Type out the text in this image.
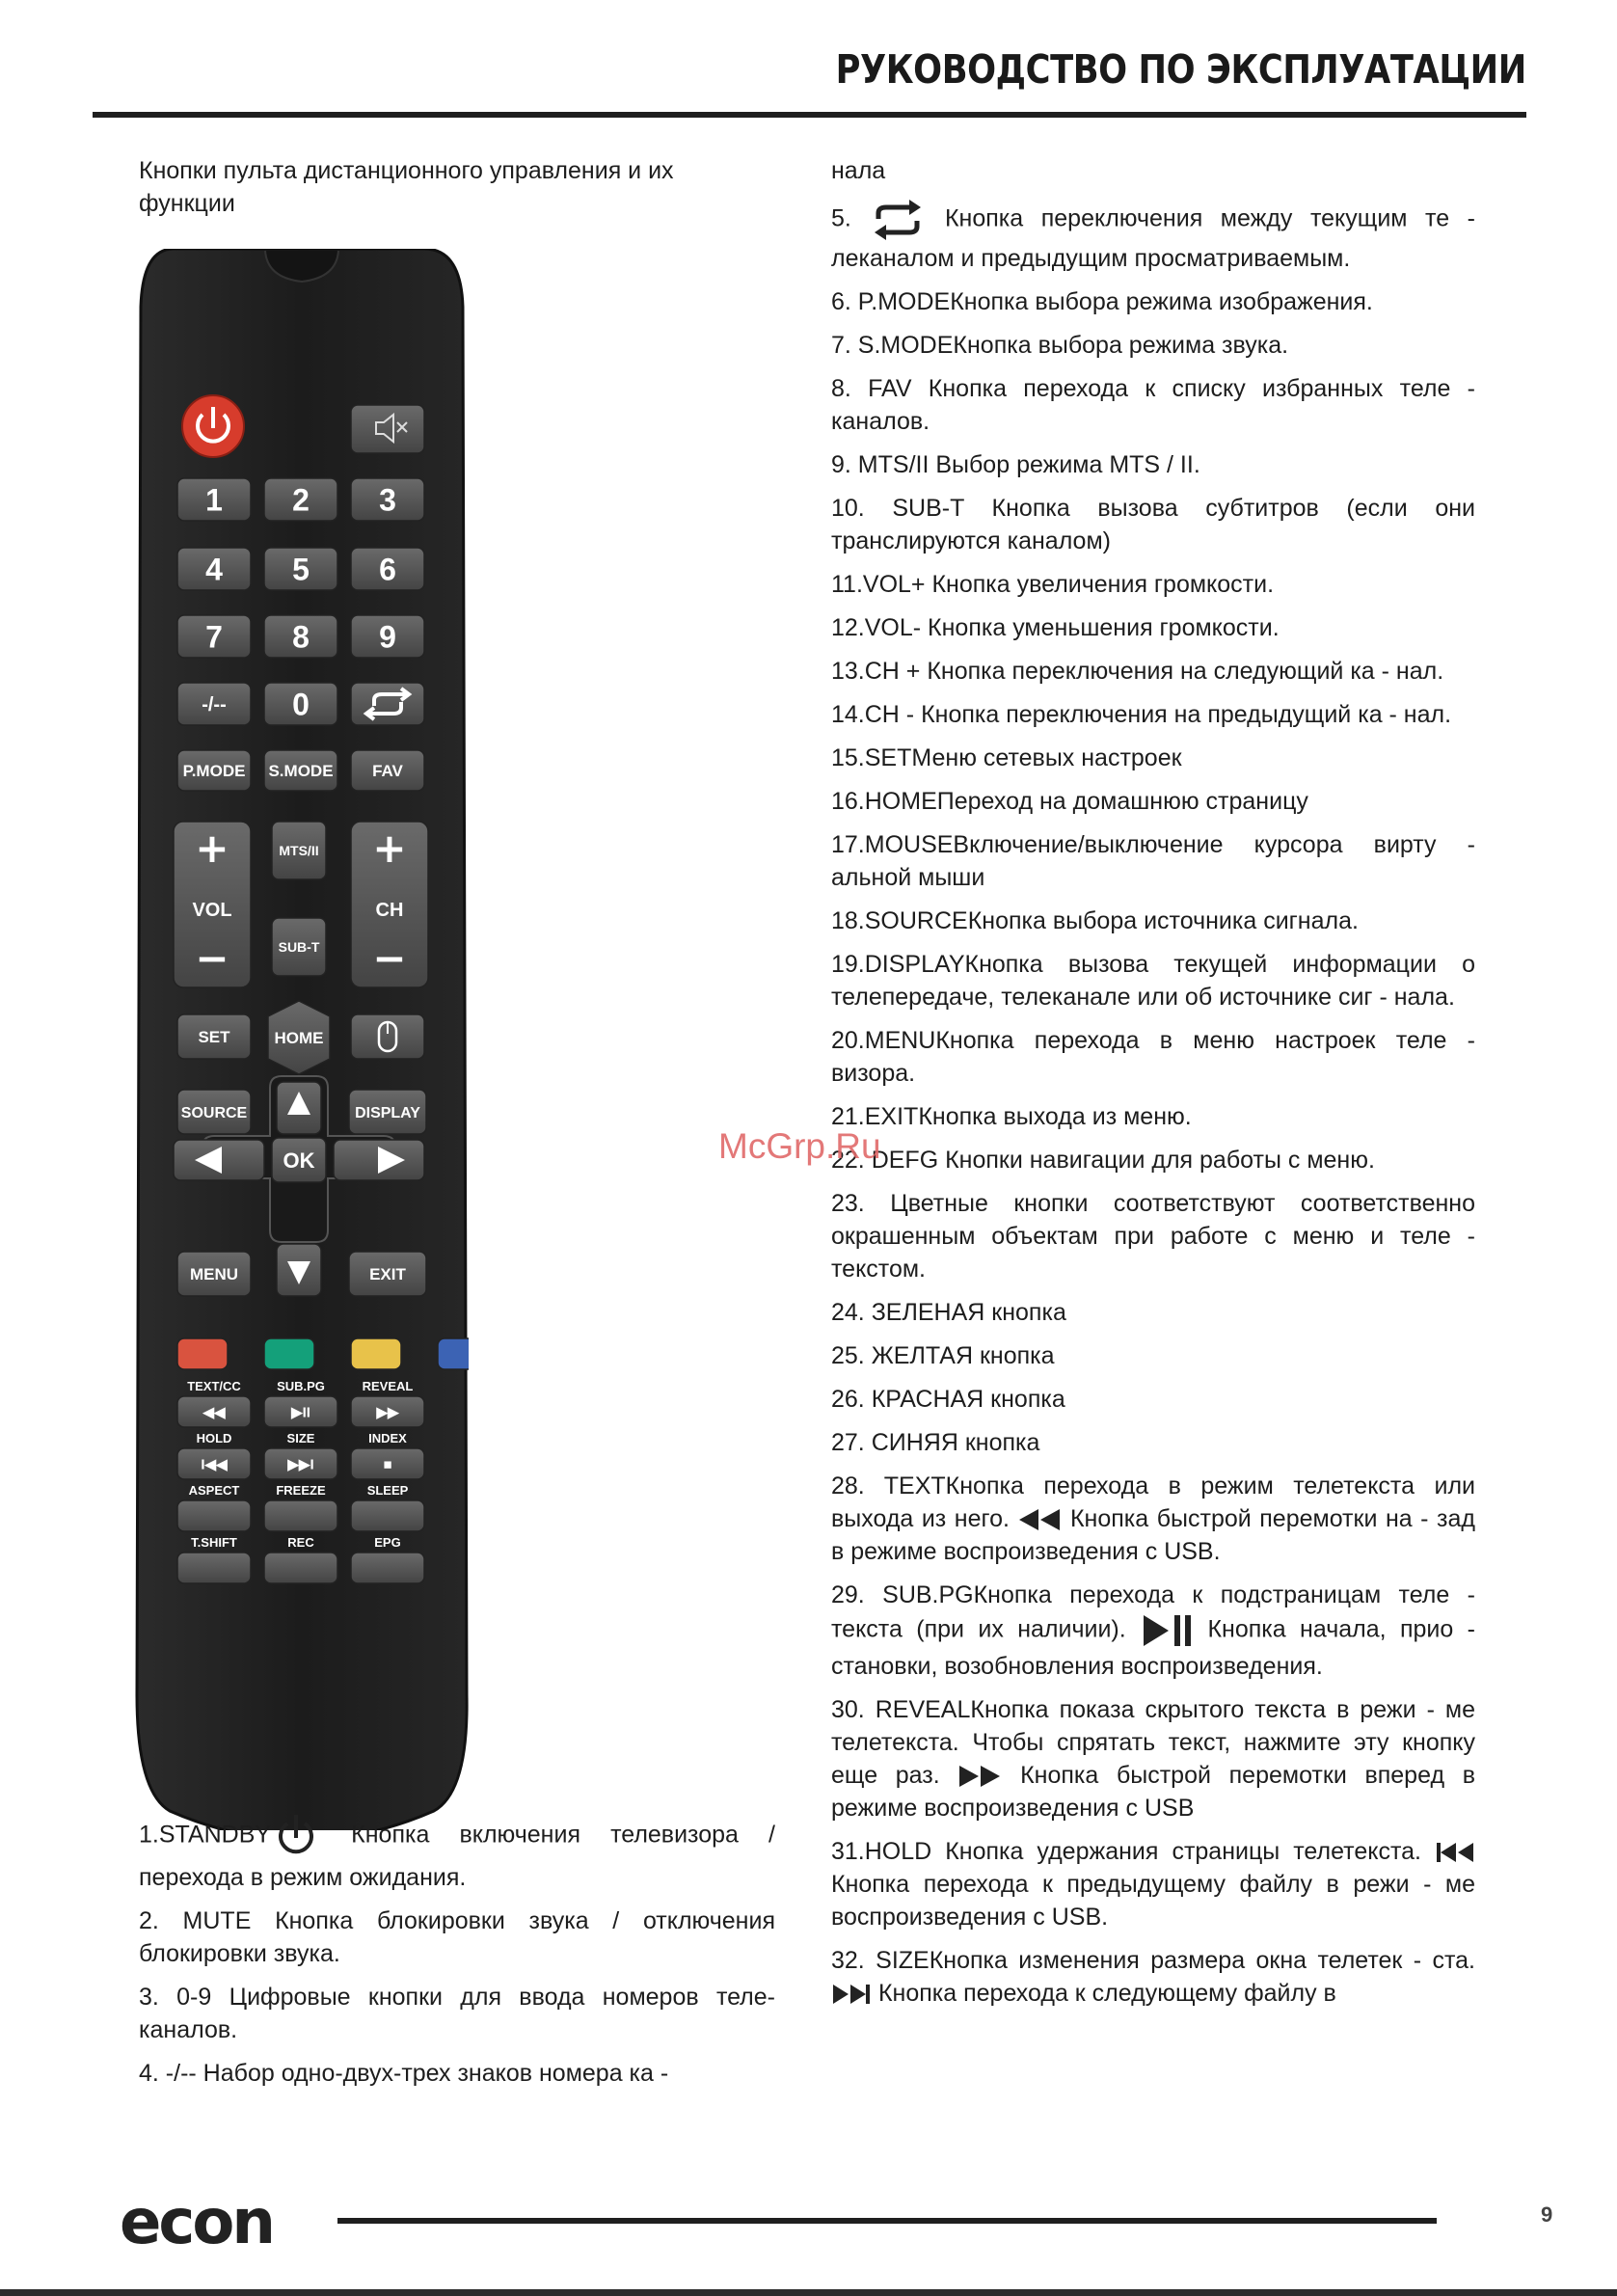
РУКОВОДСТВО ПО ЭКСПЛУАТАЦИИ
Кнопки пульта дистанционного управления и их функции
1 2 3
4 5 6
7 8 9
-/-- 0
P.MODE S.MODE FAV
+
−
VOL
+
−
CH
MTS/II
SUB-T
SET	HOME
SOURCE	DISPLAY
OK
MENU	EXIT
TEXT/CC
◀◀
SUB.PG
▶II
REVEAL
▶▶
HOLD
I◀◀
SIZE
▶▶I
INDEX
■
ASPECT	FREEZE	SLEEP
T.SHIFT	REC	EPG

1.STANDBY Кнопка включения телевизора / перехода в режим ожидания.

2. MUTE Кнопка блокировки звука / отключения блокировки звука.

3. 0-9 Цифровые кнопки для ввода номеров теле-каналов.

4. -/-- Набор одно-двух-трех знаков номера ка -

нала

5.  Кнопка переключения между текущим те - леканалом и предыдущим просматриваемым.

6. P.MODEКнопка выбора режима изображения.

7. S.MODEКнопка выбора режима звука.

8. FAV Кнопка перехода к списку избранных теле - каналов.

9. MTS/II Выбор режима MTS / II.

10. SUB-T Кнопка вызова субтитров (если они транслируются каналом)

11.VOL+ Кнопка увеличения громкости.

12.VOL- Кнопка уменьшения громкости.

13.CH + Кнопка переключения на следующий ка - нал.

14.CH - Кнопка переключения на предыдущий ка - нал.

15.SETМеню сетевых настроек

16.HOMEПереход на домашнюю страницу

17.MOUSEВключение/выключение курсора вирту - альной мыши

18.SOURCEКнопка выбора источника сигнала.

19.DISPLAYКнопка вызова текущей информации о телепередаче, телеканале или об источнике сиг - нала.

20.MENUКнопка перехода в меню настроек теле - визора.

21.EXITКнопка выхода из меню.

22. DEFG Кнопки навигации для работы с меню.

23. Цветные кнопки соответствуют соответственно окрашенным объектам при работе с меню и теле - текстом.

24. ЗЕЛЕНАЯ кнопка

25. ЖЕЛТАЯ кнопка

26. КРАСНАЯ кнопка

27. СИНЯЯ кнопка

28. TEXTКнопка перехода в режим телетекста или выхода из него.  Кнопка быстрой перемотки на - зад в режиме воспроизведения с USB.

29. SUB.PGКнопка перехода к подстраницам теле - текста (при их наличии).  Кнопка начала, прио - становки, возобновления воспроизведения.

30. REVEALКнопка показа скрытого текста в режи - ме телетекста. Чтобы спрятать текст, нажмите эту кнопку еще раз.  Кнопка быстрой перемотки вперед в режиме воспроизведения с USB

31.HOLD Кнопка удержания страницы телетекста. Кнопка перехода к предыдущему файлу в режи - ме воспроизведения с USB.

32. SIZEКнопка изменения размера окна телетек - ста.  Кнопка перехода к следующему файлу в

McGrp.Ru
econ	9
